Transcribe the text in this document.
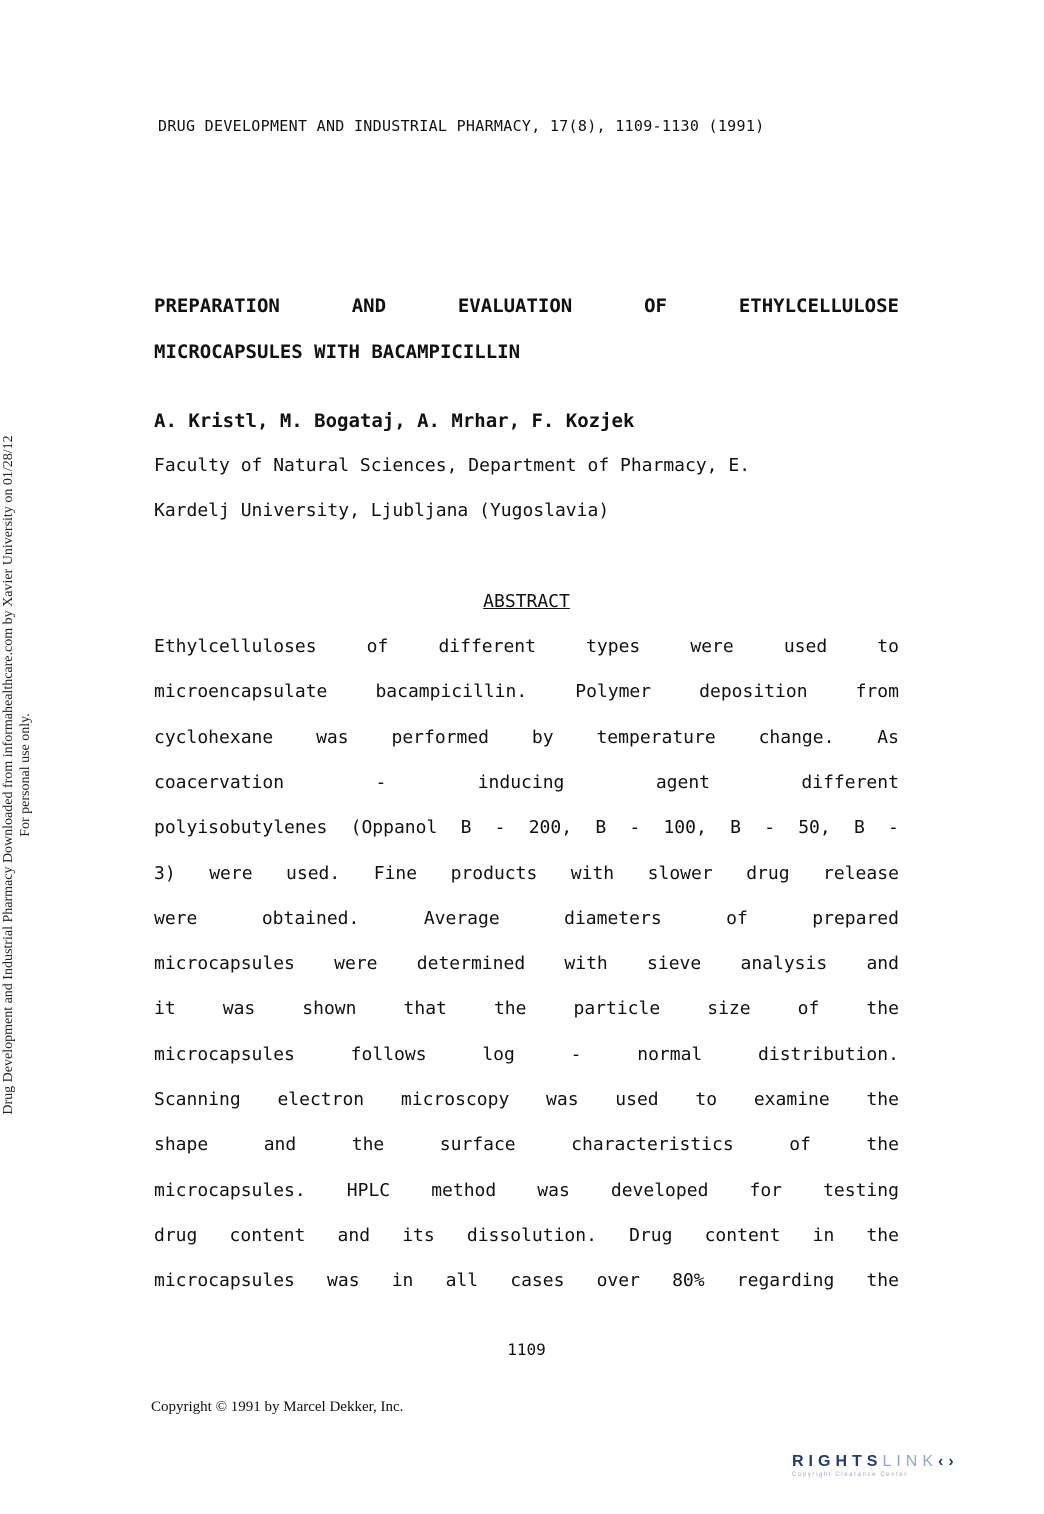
DRUG DEVELOPMENT AND INDUSTRIAL PHARMACY, 17(8), 1109-1130 (1991)
Drug Development and Industrial Pharmacy Downloaded from informahealthcare.com by Xavier University on 01/28/12 For personal use only.
PREPARATION	AND	EVALUATION	OF	ETHYLCELLULOSE
MICROCAPSULES WITH BACAMPICILLIN
A. Kristl, M. Bogataj, A. Mrhar, F. Kozjek
Faculty of Natural Sciences, Department of Pharmacy, E.
Kardelj University, Ljubljana (Yugoslavia)
ABSTRACT
Ethylcelluloses	of	different	types	were	used	to
microencapsulate	bacampicillin.	Polymer	deposition	from
cyclohexane was performed by temperature change. As
coacervation	-	inducing	agent	different
polyisobutylenes (Oppanol B - 200, B - 100, B - 50, B -
3) were used. Fine products with slower drug release
were	obtained.	Average	diameters	of	prepared
microcapsules were determined with sieve analysis and
it	was	shown	that	the	particle	size	of	the
microcapsules	follows	log	-	normal	distribution.
Scanning electron microscopy was used to examine the
shape	and	the	surface	characteristics	of	the
microcapsules. HPLC method was developed for testing
drug content and its dissolution. Drug content in the
microcapsules was in all cases over 80% regarding the
1109
Copyright © 1991 by Marcel Dekker, Inc.
RIGHTSLINK‹›
Copyright Clearance Center
